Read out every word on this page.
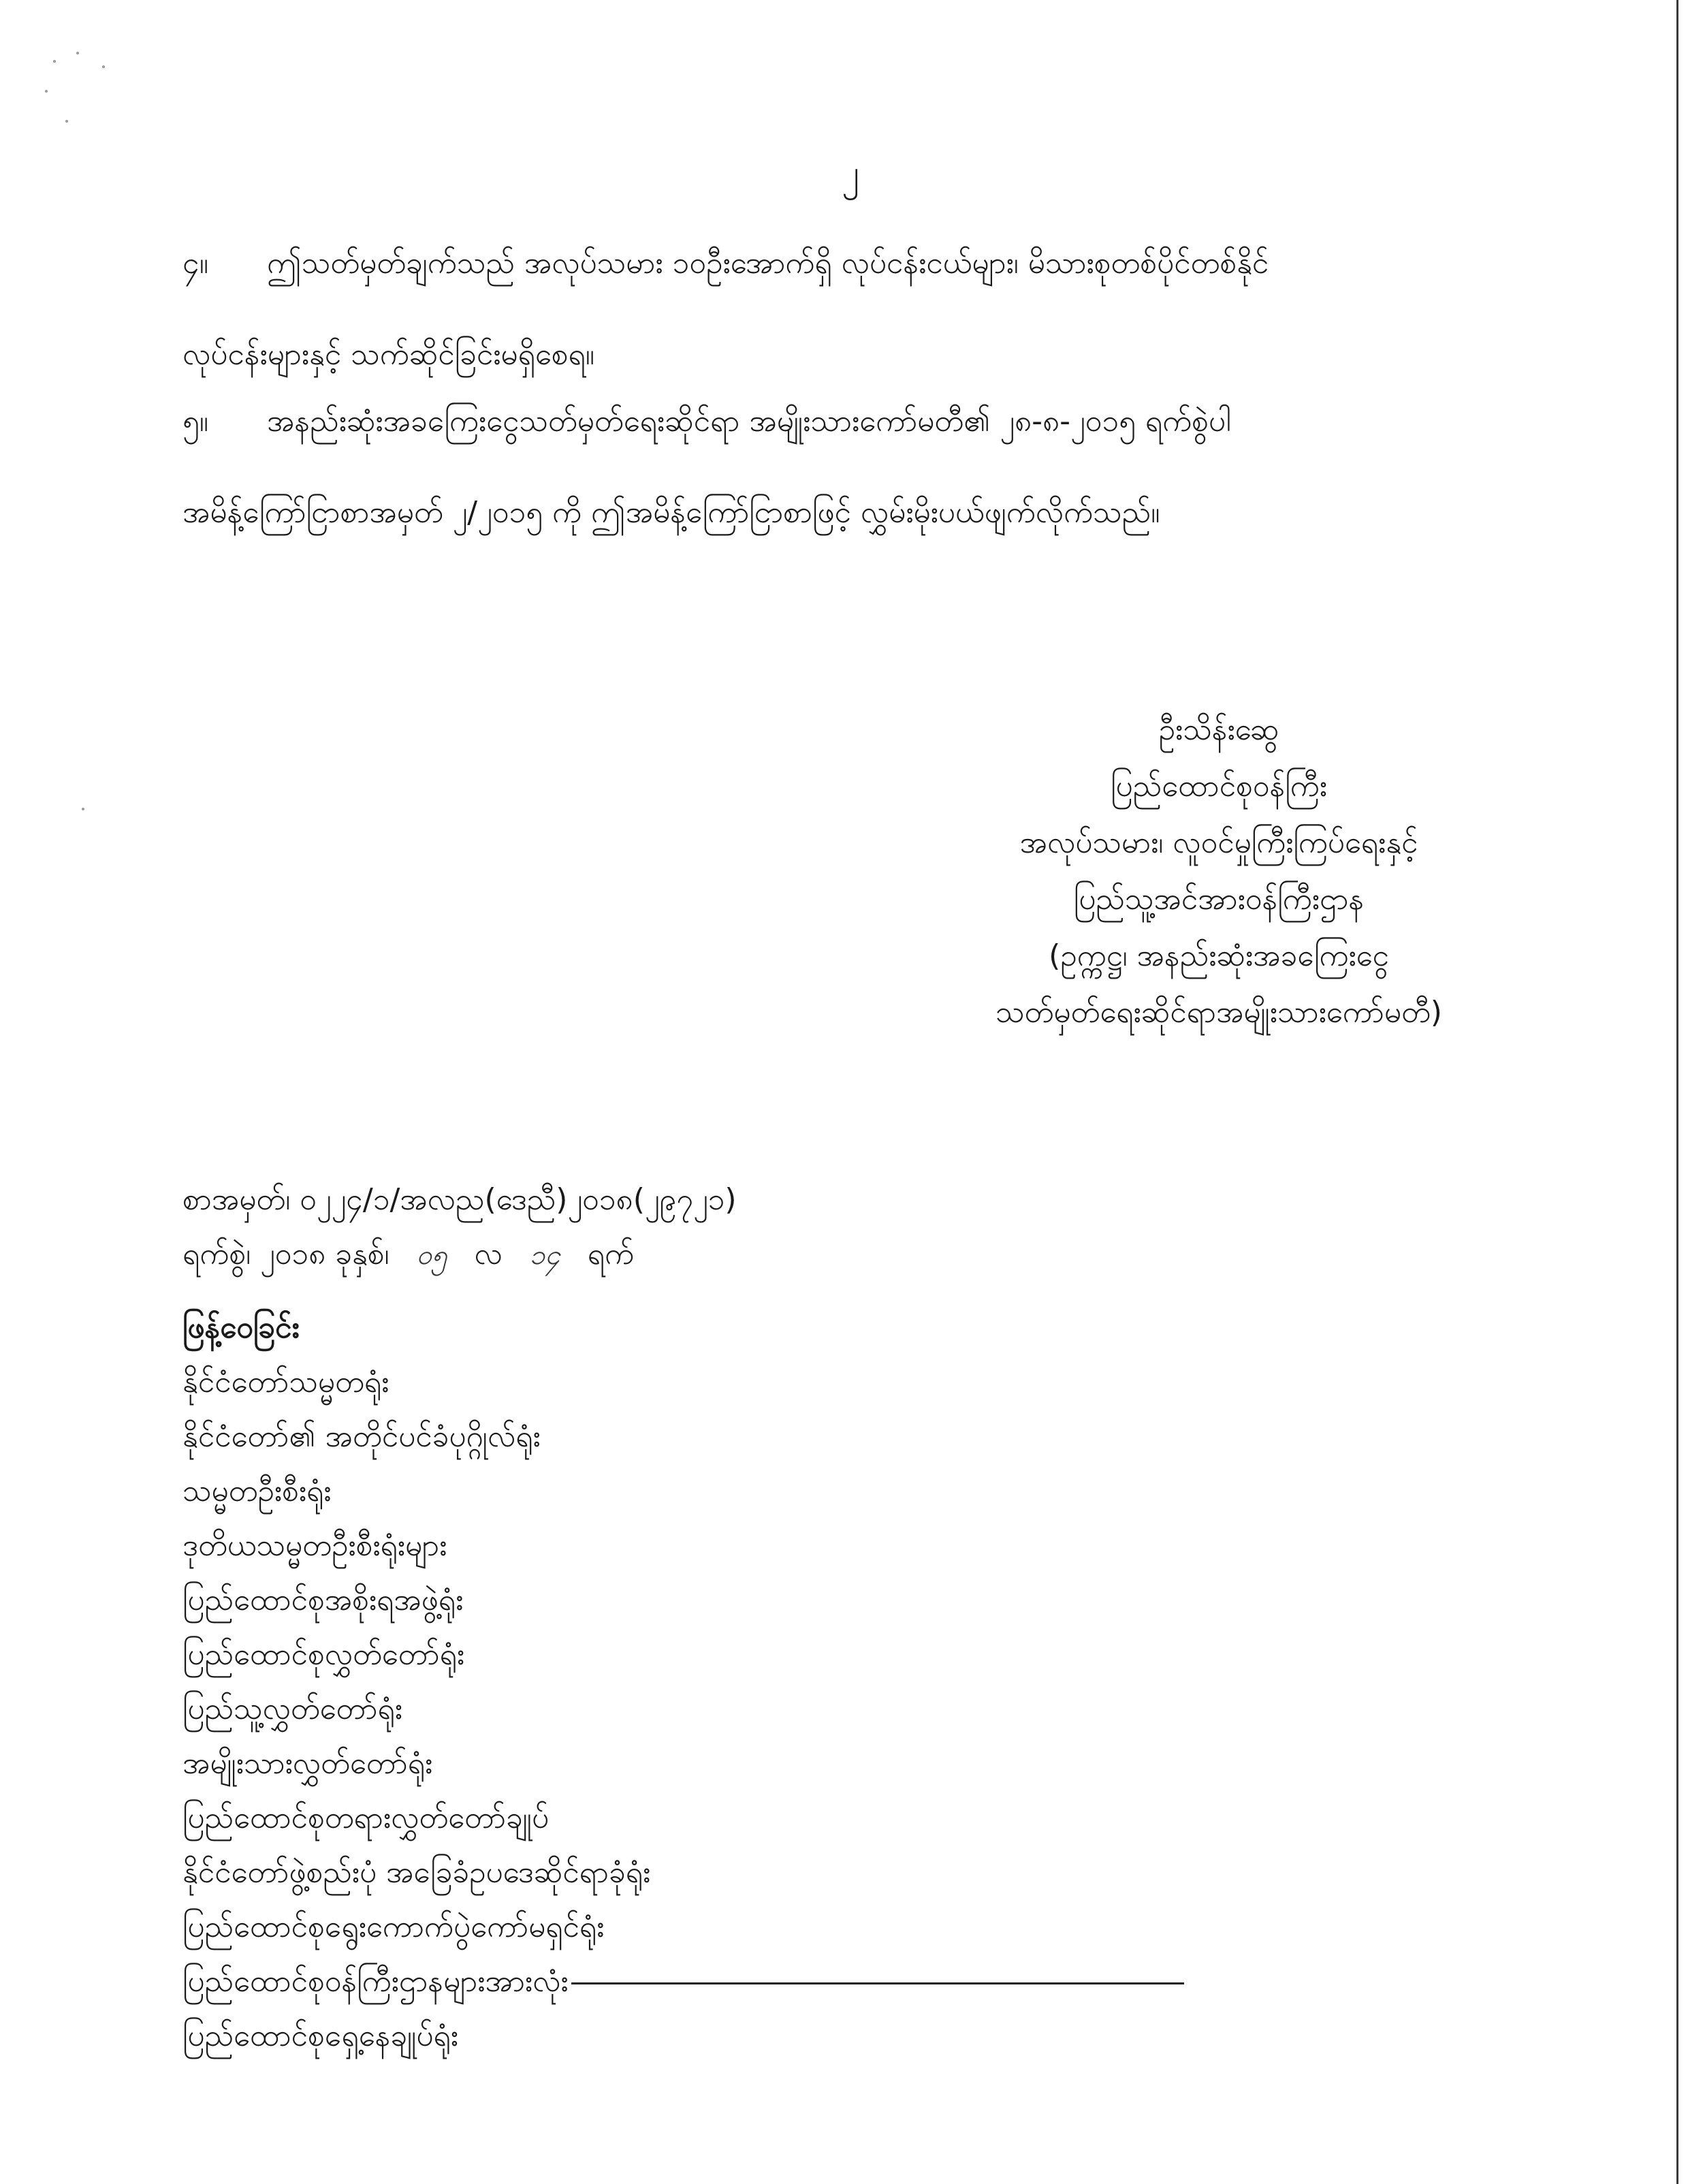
၂
၄။ ဤသတ်မှတ်ချက်သည် အလုပ်သမား ၁၀ဦးအောက်ရှိ လုပ်ငန်းငယ်များ၊ မိသားစုတစ်ပိုင်တစ်နိုင်
လုပ်ငန်းများနှင့် သက်ဆိုင်ခြင်းမရှိစေရ။
၅။ အနည်းဆုံးအခကြေးငွေသတ်မှတ်ရေးဆိုင်ရာ အမျိုးသားကော်မတီ၏ ၂၈-၈-၂၀၁၅ ရက်စွဲပါ
အမိန့်ကြော်ငြာစာအမှတ် ၂/၂၀၁၅ ကို ဤအမိန့်ကြော်ငြာစာဖြင့် လွှမ်းမိုးပယ်ဖျက်လိုက်သည်။
ဦးသိန်းဆွေ
ပြည်ထောင်စုဝန်ကြီး
အလုပ်သမား၊ လူဝင်မှုကြီးကြပ်ရေးနှင့်
ပြည်သူ့အင်အားဝန်ကြီးဌာန
(ဥက္ကဋ္ဌ၊ အနည်းဆုံးအခကြေးငွေ
သတ်မှတ်ရေးဆိုင်ရာအမျိုးသားကော်မတီ)
စာအမှတ်၊ ၀၂၂၄/၁/အလည(ဒေညီ)၂၀၁၈(၂၉၇၂၁)
ရက်စွဲ၊ ၂၀၁၈ ခုနှစ်၊ ၀၅ လ ၁၄ ရက်
ဖြန့်ဝေခြင်း
နိုင်ငံတော်သမ္မတရုံး
နိုင်ငံတော်၏ အတိုင်ပင်ခံပုဂ္ဂိုလ်ရုံး
သမ္မတဦးစီးရုံး
ဒုတိယသမ္မတဦးစီးရုံးများ
ပြည်ထောင်စုအစိုးရအဖွဲ့ရုံး
ပြည်ထောင်စုလွှတ်တော်ရုံး
ပြည်သူ့လွှတ်တော်ရုံး
အမျိုးသားလွှတ်တော်ရုံး
ပြည်ထောင်စုတရားလွှတ်တော်ချုပ်
နိုင်ငံတော်ဖွဲ့စည်းပုံ အခြေခံဥပဒေဆိုင်ရာခုံရုံး
ပြည်ထောင်စုရွေးကောက်ပွဲကော်မရှင်ရုံး
ပြည်ထောင်စုဝန်ကြီးဌာနများအားလုံး
ပြည်ထောင်စုရှေ့နေချုပ်ရုံး
